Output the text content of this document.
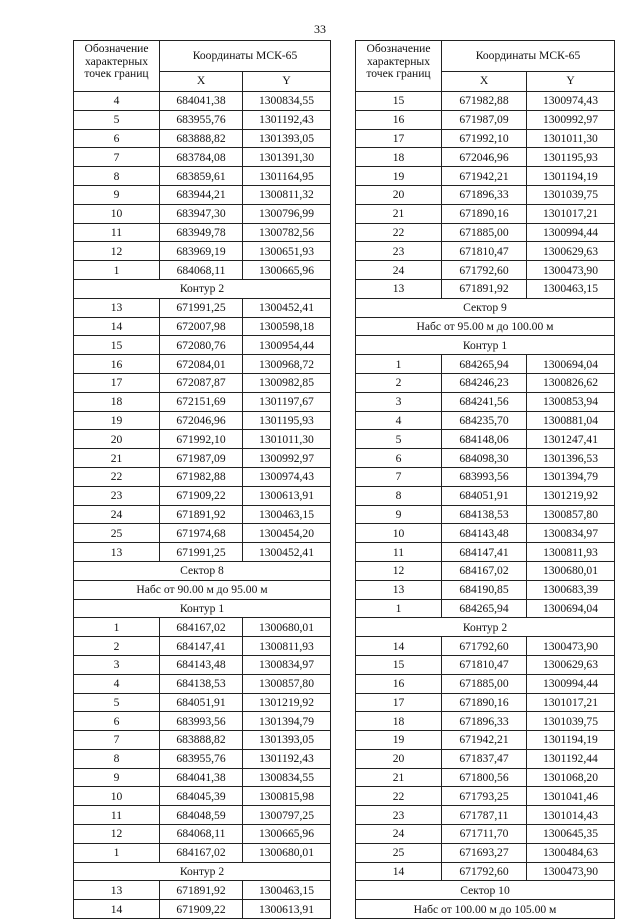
33
Обозначение характерных точек границ	Координаты МСК-65	
	X	Y
4	684041,38	1300834,55
5	683955,76	1301192,43
6	683888,82	1301393,05
7	683784,08	1301391,30
8	683859,61	1301164,95
9	683944,21	1300811,32
10	683947,30	1300796,99
11	683949,78	1300782,56
12	683969,19	1300651,93
1	684068,11	1300665,96
Контур 2		
13	671991,25	1300452,41
14	672007,98	1300598,18
15	672080,76	1300954,44
16	672084,01	1300968,72
17	672087,87	1300982,85
18	672151,69	1301197,67
19	672046,96	1301195,93
20	671992,10	1301011,30
21	671987,09	1300992,97
22	671982,88	1300974,43
23	671909,22	1300613,91
24	671891,92	1300463,15
25	671974,68	1300454,20
13	671991,25	1300452,41
Сектор 8		
Набс от 90.00 м до 95.00 м		
Контур 1		
1	684167,02	1300680,01
2	684147,41	1300811,93
3	684143,48	1300834,97
4	684138,53	1300857,80
5	684051,91	1301219,92
6	683993,56	1301394,79
7	683888,82	1301393,05
8	683955,76	1301192,43
9	684041,38	1300834,55
10	684045,39	1300815,98
11	684048,59	1300797,25
12	684068,11	1300665,96
1	684167,02	1300680,01
Контур 2		
13	671891,92	1300463,15
14	671909,22	1300613,91
Обозначение характерных точек границ	Координаты МСК-65	
	X	Y
15	671982,88	1300974,43
16	671987,09	1300992,97
17	671992,10	1301011,30
18	672046,96	1301195,93
19	671942,21	1301194,19
20	671896,33	1301039,75
21	671890,16	1301017,21
22	671885,00	1300994,44
23	671810,47	1300629,63
24	671792,60	1300473,90
13	671891,92	1300463,15
Сектор 9		
Набс от 95.00 м до 100.00 м		
Контур 1		
1	684265,94	1300694,04
2	684246,23	1300826,62
3	684241,56	1300853,94
4	684235,70	1300881,04
5	684148,06	1301247,41
6	684098,30	1301396,53
7	683993,56	1301394,79
8	684051,91	1301219,92
9	684138,53	1300857,80
10	684143,48	1300834,97
11	684147,41	1300811,93
12	684167,02	1300680,01
13	684190,85	1300683,39
1	684265,94	1300694,04
Контур 2		
14	671792,60	1300473,90
15	671810,47	1300629,63
16	671885,00	1300994,44
17	671890,16	1301017,21
18	671896,33	1301039,75
19	671942,21	1301194,19
20	671837,47	1301192,44
21	671800,56	1301068,20
22	671793,25	1301041,46
23	671787,11	1301014,43
24	671711,70	1300645,35
25	671693,27	1300484,63
14	671792,60	1300473,90
Сектор 10		
Набс от 100.00 м до 105.00 м		
